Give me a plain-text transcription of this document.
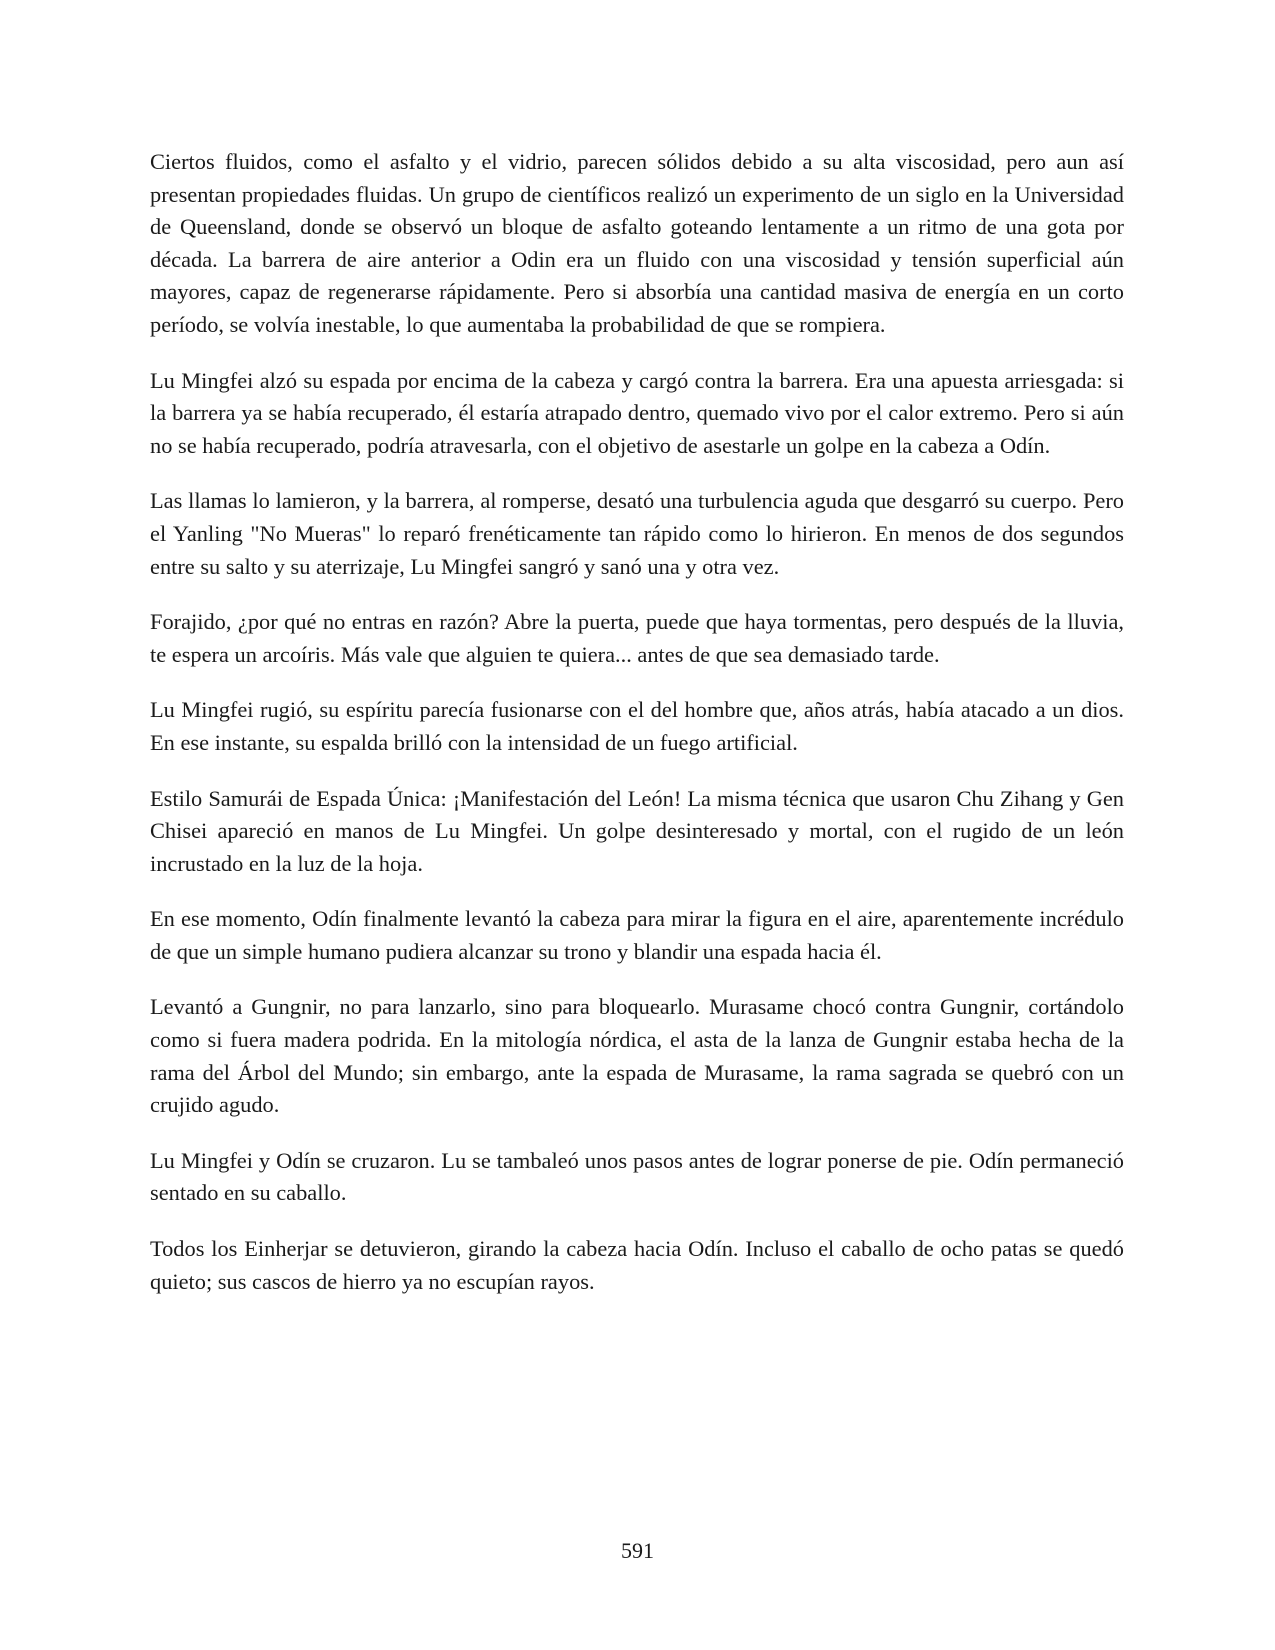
Ciertos fluidos, como el asfalto y el vidrio, parecen sólidos debido a su alta viscosidad, pero aun así presentan propiedades fluidas. Un grupo de científicos realizó un experimento de un siglo en la Universidad de Queensland, donde se observó un bloque de asfalto goteando lentamente a un ritmo de una gota por década. La barrera de aire anterior a Odin era un fluido con una viscosidad y tensión superficial aún mayores, capaz de regenerarse rápidamente. Pero si absorbía una cantidad masiva de energía en un corto período, se volvía inestable, lo que aumentaba la probabilidad de que se rompiera.

Lu Mingfei alzó su espada por encima de la cabeza y cargó contra la barrera. Era una apuesta arriesgada: si la barrera ya se había recuperado, él estaría atrapado dentro, quemado vivo por el calor extremo. Pero si aún no se había recuperado, podría atravesarla, con el objetivo de asestarle un golpe en la cabeza a Odín.

Las llamas lo lamieron, y la barrera, al romperse, desató una turbulencia aguda que desgarró su cuerpo. Pero el Yanling "No Mueras" lo reparó frenéticamente tan rápido como lo hirieron. En menos de dos segundos entre su salto y su aterrizaje, Lu Mingfei sangró y sanó una y otra vez.

Forajido, ¿por qué no entras en razón? Abre la puerta, puede que haya tormentas, pero después de la lluvia, te espera un arcoíris. Más vale que alguien te quiera... antes de que sea demasiado tarde.

Lu Mingfei rugió, su espíritu parecía fusionarse con el del hombre que, años atrás, había atacado a un dios. En ese instante, su espalda brilló con la intensidad de un fuego artificial.

Estilo Samurái de Espada Única: ¡Manifestación del León! La misma técnica que usaron Chu Zihang y Gen Chisei apareció en manos de Lu Mingfei. Un golpe desinteresado y mortal, con el rugido de un león incrustado en la luz de la hoja.

En ese momento, Odín finalmente levantó la cabeza para mirar la figura en el aire, aparentemente incrédulo de que un simple humano pudiera alcanzar su trono y blandir una espada hacia él.

Levantó a Gungnir, no para lanzarlo, sino para bloquearlo. Murasame chocó contra Gungnir, cortándolo como si fuera madera podrida. En la mitología nórdica, el asta de la lanza de Gungnir estaba hecha de la rama del Árbol del Mundo; sin embargo, ante la espada de Murasame, la rama sagrada se quebró con un crujido agudo.

Lu Mingfei y Odín se cruzaron. Lu se tambaleó unos pasos antes de lograr ponerse de pie. Odín permaneció sentado en su caballo.

Todos los Einherjar se detuvieron, girando la cabeza hacia Odín. Incluso el caballo de ocho patas se quedó quieto; sus cascos de hierro ya no escupían rayos.

591
